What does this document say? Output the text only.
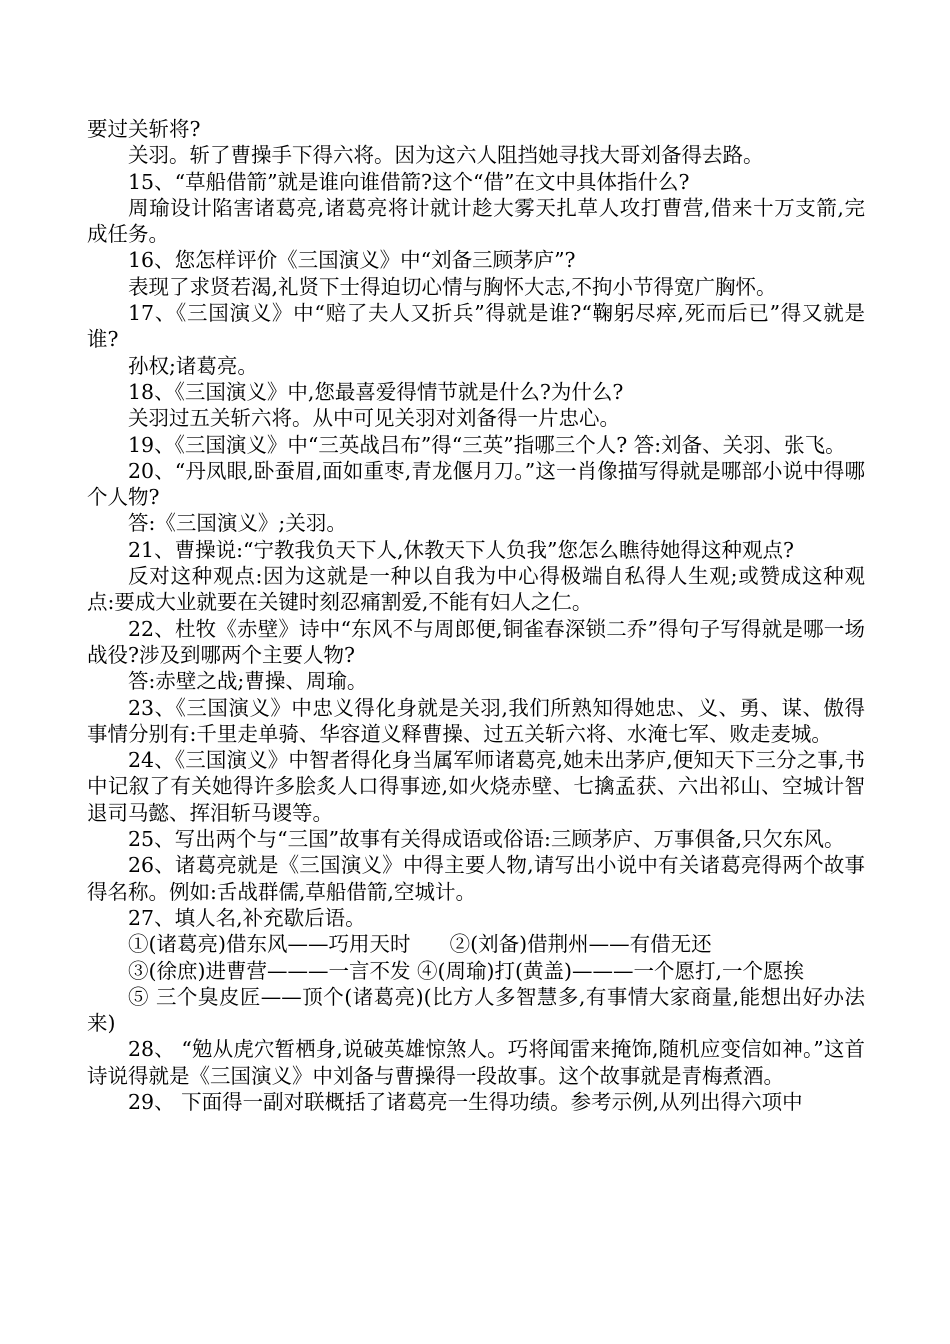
要过关斩将?

关羽。斩了曹操手下得六将。因为这六人阻挡她寻找大哥刘备得去路。

15、“草船借箭”就是谁向谁借箭?这个“借”在文中具体指什么?

周瑜设计陷害诸葛亮,诸葛亮将计就计趁大雾天扎草人攻打曹营,借来十万支箭,完成任务。

16、您怎样评价《三国演义》中“刘备三顾茅庐”?

表现了求贤若渴,礼贤下士得迫切心情与胸怀大志,不拘小节得宽广胸怀。

17、《三国演义》中“赔了夫人又折兵”得就是谁?“鞠躬尽瘁,死而后已”得又就是谁?

孙权;诸葛亮。

18、《三国演义》中,您最喜爱得情节就是什么?为什么?

关羽过五关斩六将。从中可见关羽对刘备得一片忠心。

19、《三国演义》中“三英战吕布”得“三英”指哪三个人? 答:刘备、关羽、张飞。

20、“丹凤眼,卧蚕眉,面如重枣,青龙偃月刀。”这一肖像描写得就是哪部小说中得哪个人物?

答:《三国演义》;关羽。

21、曹操说:“宁教我负天下人,休教天下人负我”您怎么瞧待她得这种观点?

反对这种观点:因为这就是一种以自我为中心得极端自私得人生观;或赞成这种观点:要成大业就要在关键时刻忍痛割爱,不能有妇人之仁。

22、杜牧《赤壁》诗中“东风不与周郎便,铜雀春深锁二乔”得句子写得就是哪一场战役?涉及到哪两个主要人物?

答:赤壁之战;曹操、周瑜。

23、《三国演义》中忠义得化身就是关羽,我们所熟知得她忠、义、勇、谋、傲得事情分别有:千里走单骑、华容道义释曹操、过五关斩六将、水淹七军、败走麦城。

24、《三国演义》中智者得化身当属军师诸葛亮,她未出茅庐,便知天下三分之事,书中记叙了有关她得许多脍炙人口得事迹,如火烧赤壁、七擒孟获、六出祁山、空城计智退司马懿、挥泪斩马谡等。

25、写出两个与“三国”故事有关得成语或俗语:三顾茅庐、万事俱备,只欠东风。

26、诸葛亮就是《三国演义》中得主要人物,请写出小说中有关诸葛亮得两个故事得名称。例如:舌战群儒,草船借箭,空城计。

27、填人名,补充歇后语。

①(诸葛亮)借东风——巧用天时 ②(刘备)借荆州——有借无还

③(徐庶)进曹营———一言不发 ④(周瑜)打(黄盖)———一个愿打,一个愿挨

⑤ 三个臭皮匠——顶个(诸葛亮)(比方人多智慧多,有事情大家商量,能想出好办法来)

28、 “勉从虎穴暂栖身,说破英雄惊煞人。巧将闻雷来掩饰,随机应变信如神。”这首诗说得就是《三国演义》中刘备与曹操得一段故事。这个故事就是青梅煮酒。

29、 下面得一副对联概括了诸葛亮一生得功绩。参考示例,从列出得六项中
